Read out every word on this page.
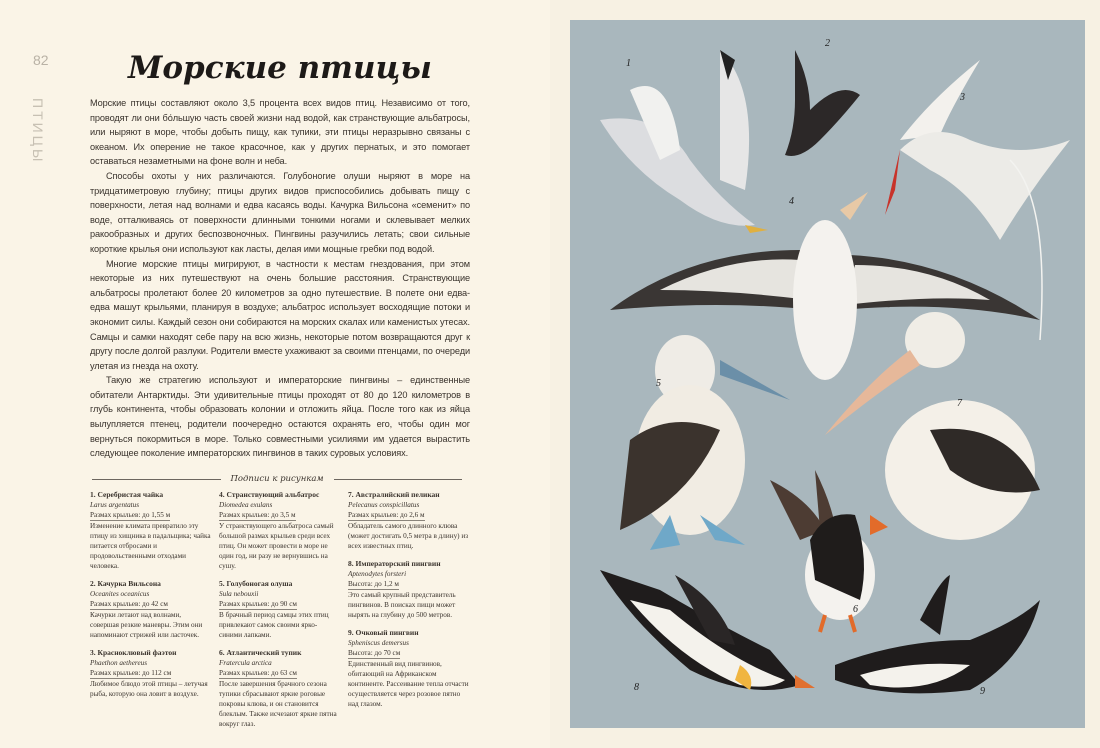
82
ПТИЦЫ
Морские птицы

Морские птицы составляют около 3,5 процента всех видов птиц. Независимо от того, проводят ли они бо́льшую часть своей жизни над водой, как странствующие альбатросы, или ныряют в море, чтобы добыть пищу, как тупики, эти птицы неразрывно связаны с океаном. Их оперение не такое красочное, как у других пернатых, и это помогает оставаться незаметными на фоне волн и неба.

Способы охоты у них различаются. Голубоногие олуши ныряют в море на тридцатиметровую глубину; птицы других видов приспособились добывать пищу с поверхности, летая над волнами и едва касаясь воды. Качурка Вильсона «семенит» по воде, отталкиваясь от поверхности длинными тонкими ногами и склевывает мелких ракообразных и других беспозвоночных. Пингвины разучились летать; свои сильные короткие крылья они используют как ласты, делая ими мощные гребки под водой.

Многие морские птицы мигрируют, в частности к местам гнездования, при этом некоторые из них путешествуют на очень большие расстояния. Странствующие альбатросы пролетают более 20 километров за одно путешествие. В полете они едва-едва машут крыльями, планируя в воздухе; альбатрос использует восходящие потоки и экономит силы. Каждый сезон они собираются на морских скалах или каменистых утесах. Самцы и самки находят себе пару на всю жизнь, некоторые потом возвращаются друг к другу после долгой разлуки. Родители вместе ухаживают за своими птенцами, по очереди улетая из гнезда на охоту.

Такую же стратегию используют и императорские пингвины – единственные обитатели Антарктиды. Эти удивительные птицы проходят от 80 до 120 километров в глубь континента, чтобы образовать колонии и отложить яйца. После того как из яйца вылупляется птенец, родители поочередно остаются охранять его, чтобы один мог вернуться покормиться в море. Только совместными усилиями им удается вырастить следующее поколение императорских пингвинов в таких суровых условиях.

Подписи к рисункам
1. Серебристая чайка
Larus argentatus
Размах крыльев: до 1,55 м
Изменение климата превратило эту птицу из хищника в падальщика; чайка питается отбросами и продовольственными отходами человека.
2. Качурка Вильсона
Oceanites oceanicus
Размах крыльев: до 42 см
Качурки летают над волнами, совершая резкие маневры. Этим они напоминают стрижей или ласточек.
3. Красноклювый фаэтон
Phaethon aethereus
Размах крыльев: до 112 см
Любимое блюдо этой птицы – летучая рыба, которую она ловит в воздухе.
4. Странствующий альбатрос
Diomedea exulans
Размах крыльев: до 3,5 м
У странствующего альбатроса самый большой размах крыльев среди всех птиц. Он может провести в море не один год, ни разу не вернувшись на сушу.
5. Голубоногая олуша
Sula nebouxii
Размах крыльев: до 90 см
В брачный период самцы этих птиц привлекают самок своими ярко-синими лапками.
6. Атлантический тупик
Fratercula arctica
Размах крыльев: до 63 см
После завершения брачного сезона тупики сбрасывают яркие роговые покровы клюва, и он становится блеклым. Также исчезают яркие пятна вокруг глаз.
7. Австралийский пеликан
Pelecanus conspicillatus
Размах крыльев: до 2,6 м
Обладатель самого длинного клюва (может достигать 0,5 метра в длину) из всех известных птиц.
8. Императорский пингвин
Aptenodytes forsteri
Высота: до 1,2 м
Это самый крупный представитель пингвинов. В поисках пищи может нырять на глубину до 500 метров.
9. Очковый пингвин
Spheniscus demersus
Высота: до 70 см
Единственный вид пингвинов, обитающий на Африканском континенте. Рассеивание тепла отчасти осуществляется через розовое пятно над глазом.
1
2
3
4
5
6
7
8	9
